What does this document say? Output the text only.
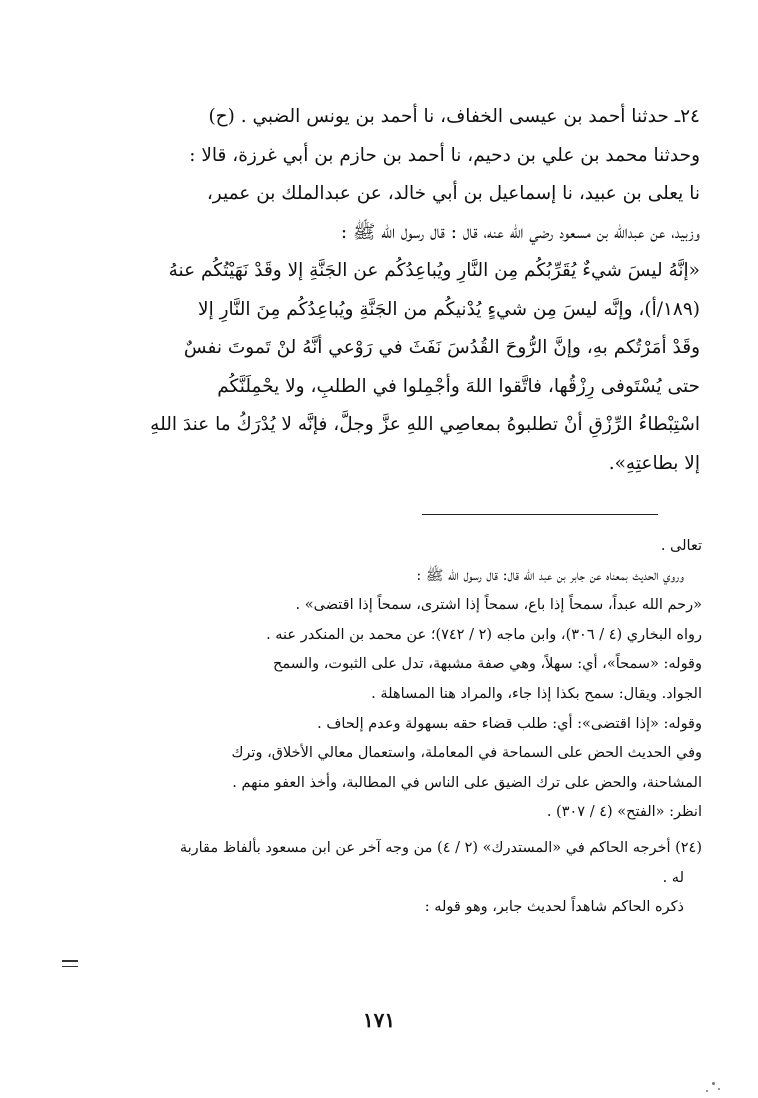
٢٤ـ حدثنا أحمد بن عيسى الخفاف، نا أحمد بن يونس الضبي . (ح)
وحدثنا محمد بن علي بن دحيم، نا أحمد بن حازم بن أبي غرزة، قالا :
نا يعلى بن عبيد، نا إسماعيل بن أبي خالد، عن عبدالملك بن عمير،
وزبيد، عن عبدالله بن مسعود رضي الله عنه، قال : قال رسول الله ﷺ :
«إنَّهُ ليسَ شيءٌ يُقَرِّبُكُم مِن النَّارِ ويُباعِدُكُم عن الجَنَّةِ إلا وقَدْ نَهَيْتُكُم عنهُ
(١٨٩/أ)، وإنَّه ليسَ مِن شيءٍ يُدْنيكُم من الجَنَّةِ ويُباعِدُكُم مِنَ النَّارِ إلا
وقَدْ أمَرْتُكم بهِ، وإنَّ الرُّوحَ القُدُسَ نَفَثَ في رَوْعي أنَّهُ لنْ تَموتَ نفسٌ
حتى يُسْتَوفى رِزْقُها، فاتَّقوا اللهَ وأجْمِلوا في الطلبِ، ولا يحْمِلَنَّكُم
اسْتِبْطاءُ الرِّزْقِ أنْ تطلبوهُ بمعاصِي اللهِ عزَّ وجلَّ، فإنَّه لا يُدْرَكُ ما عندَ اللهِ
إلا بطاعتِهِ».
تعالى .
وروي الحديث بمعناه عن جابر بن عبد الله قال: قال رسول الله ﷺ :
«رحم الله عبداً، سمحاً إذا باع، سمحاً إذا اشترى، سمحاً إذا اقتضى» .
رواه البخاري (٤ / ٣٠٦)، وابن ماجه (٢ / ٧٤٢)؛ عن محمد بن المنكدر عنه .
وقوله: «سمحاً»، أي: سهلاً، وهي صفة مشبهة، تدل على الثبوت، والسمح
الجواد. ويقال: سمح بكذا إذا جاء، والمراد هنا المساهلة .
وقوله: «إذا اقتضى»: أي: طلب قضاء حقه بسهولة وعدم إلحاف .
وفي الحديث الحض على السماحة في المعاملة، واستعمال معالي الأخلاق، وترك
المشاحنة، والحض على ترك الضيق على الناس في المطالبة، وأخذ العفو منهم .
انظر: «الفتح» (٤ / ٣٠٧) .
(٢٤) أخرجه الحاكم في «المستدرك» (٢ / ٤) من وجه آخر عن ابن مسعود بألفاظ مقاربة
له .
ذكره الحاكم شاهداً لحديث جابر، وهو قوله :
١٧١
